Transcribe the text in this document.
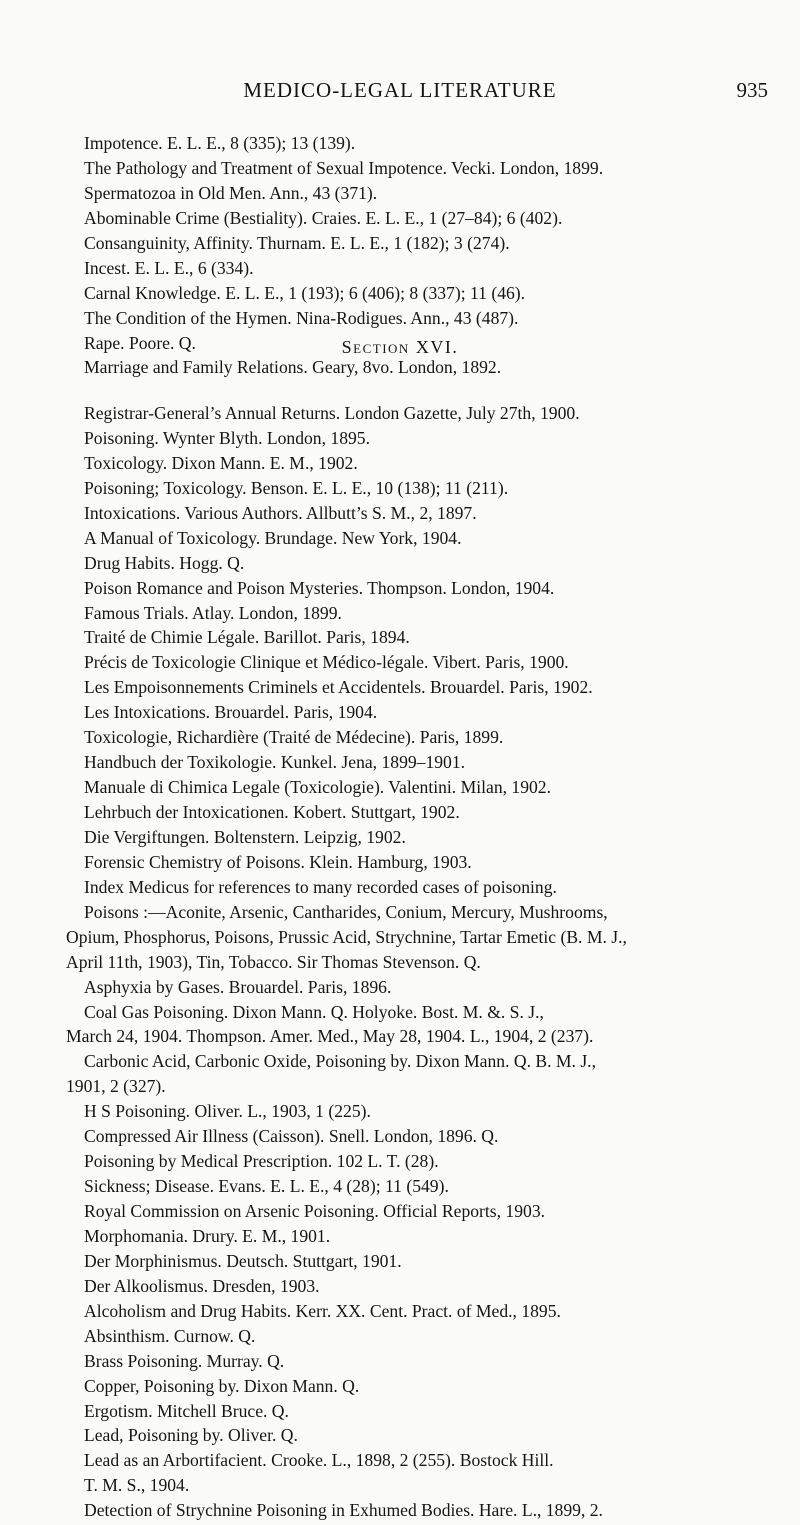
MEDICO-LEGAL LITERATURE	935
Impotence. E. L. E., 8 (335); 13 (139).
The Pathology and Treatment of Sexual Impotence. Vecki. London, 1899.
Spermatozoa in Old Men. Ann., 43 (371).
Abominable Crime (Bestiality). Craies. E. L. E., 1 (27–84); 6 (402).
Consanguinity, Affinity. Thurnam. E. L. E., 1 (182); 3 (274).
Incest. E. L. E., 6 (334).
Carnal Knowledge. E. L. E., 1 (193); 6 (406); 8 (337); 11 (46).
The Condition of the Hymen. Nina-Rodigues. Ann., 43 (487).
Rape. Poore. Q.
Marriage and Family Relations. Geary, 8vo. London, 1892.
Section XVI.
Registrar-General’s Annual Returns. London Gazette, July 27th, 1900.
Poisoning. Wynter Blyth. London, 1895.
Toxicology. Dixon Mann. E. M., 1902.
Poisoning; Toxicology. Benson. E. L. E., 10 (138); 11 (211).
Intoxications. Various Authors. Allbutt’s S. M., 2, 1897.
A Manual of Toxicology. Brundage. New York, 1904.
Drug Habits. Hogg. Q.
Poison Romance and Poison Mysteries. Thompson. London, 1904.
Famous Trials. Atlay. London, 1899.
Traité de Chimie Légale. Barillot. Paris, 1894.
Précis de Toxicologie Clinique et Médico-légale. Vibert. Paris, 1900.
Les Empoisonnements Criminels et Accidentels. Brouardel. Paris, 1902.
Les Intoxications. Brouardel. Paris, 1904.
Toxicologie, Richardière (Traité de Médecine). Paris, 1899.
Handbuch der Toxikologie. Kunkel. Jena, 1899–1901.
Manuale di Chimica Legale (Toxicologie). Valentini. Milan, 1902.
Lehrbuch der Intoxicationen. Kobert. Stuttgart, 1902.
Die Vergiftungen. Boltenstern. Leipzig, 1902.
Forensic Chemistry of Poisons. Klein. Hamburg, 1903.
Index Medicus for references to many recorded cases of poisoning.
Poisons :—Aconite, Arsenic, Cantharides, Conium, Mercury, Mushrooms,
Opium, Phosphorus, Poisons, Prussic Acid, Strychnine, Tartar Emetic (B. M. J.,
April 11th, 1903), Tin, Tobacco. Sir Thomas Stevenson. Q.
Asphyxia by Gases. Brouardel. Paris, 1896.
Coal Gas Poisoning. Dixon Mann. Q. Holyoke. Bost. M. &. S. J.,
March 24, 1904. Thompson. Amer. Med., May 28, 1904. L., 1904, 2 (237).
Carbonic Acid, Carbonic Oxide, Poisoning by. Dixon Mann. Q. B. M. J.,
1901, 2 (327).
H S Poisoning. Oliver. L., 1903, 1 (225).
Compressed Air Illness (Caisson). Snell. London, 1896. Q.
Poisoning by Medical Prescription. 102 L. T. (28).
Sickness; Disease. Evans. E. L. E., 4 (28); 11 (549).
Royal Commission on Arsenic Poisoning. Official Reports, 1903.
Morphomania. Drury. E. M., 1901.
Der Morphinismus. Deutsch. Stuttgart, 1901.
Der Alkoolismus. Dresden, 1903.
Alcoholism and Drug Habits. Kerr. XX. Cent. Pract. of Med., 1895.
Absinthism. Curnow. Q.
Brass Poisoning. Murray. Q.
Copper, Poisoning by. Dixon Mann. Q.
Ergotism. Mitchell Bruce. Q.
Lead, Poisoning by. Oliver. Q.
Lead as an Arbortifacient. Crooke. L., 1898, 2 (255). Bostock Hill.
T. M. S., 1904.
Detection of Strychnine Poisoning in Exhumed Bodies. Hare. L., 1899, 2.
